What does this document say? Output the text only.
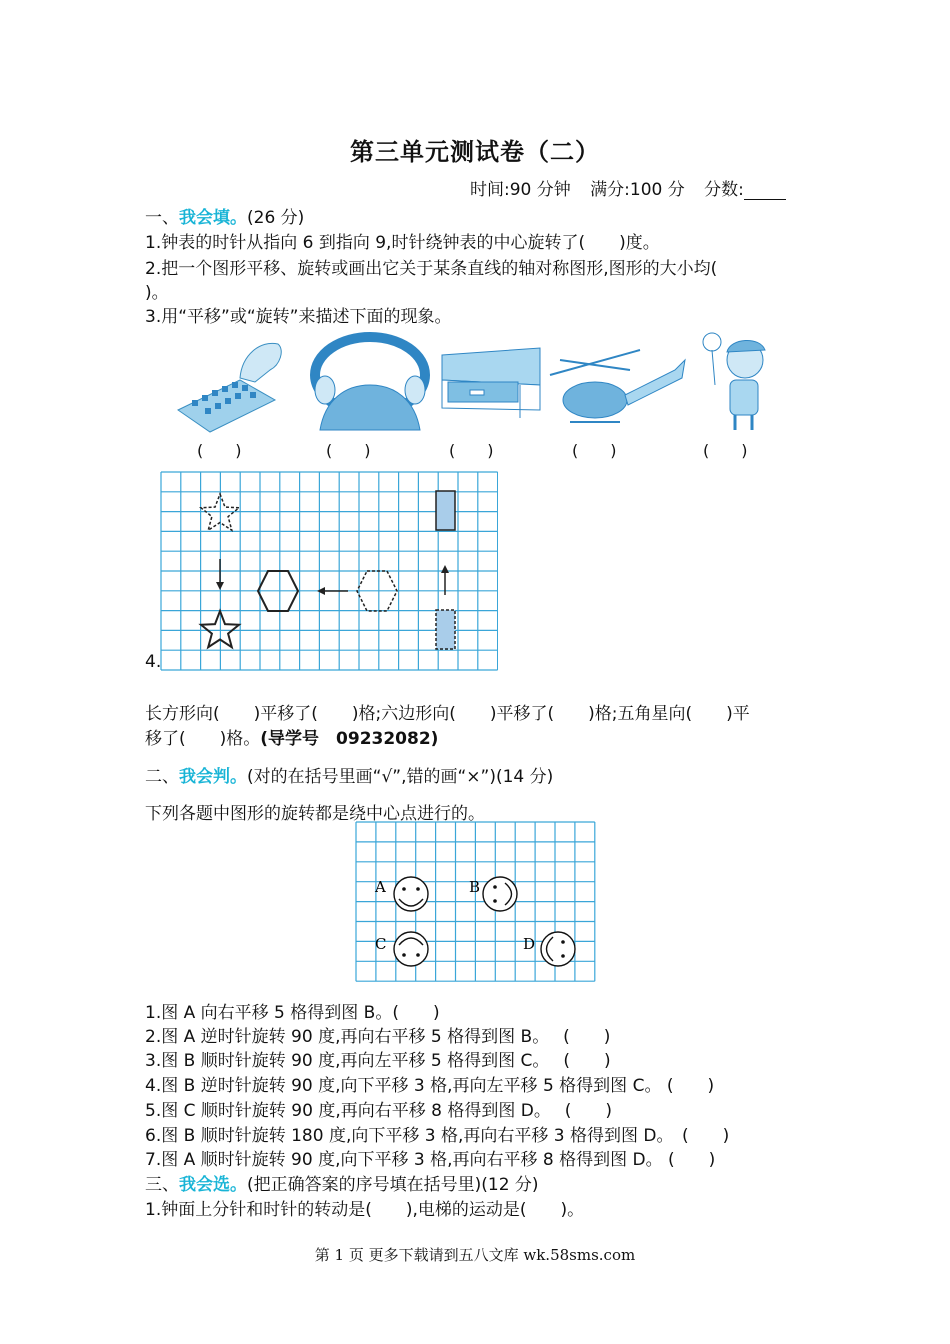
第三单元测试卷（二）
时间:90 分钟 满分:100 分 分数:
一、我会填。(26 分)
1.钟表的时针从指向 6 到指向 9,时针绕钟表的中心旋转了(　　)度。
2.把一个图形平移、旋转或画出它关于某条直线的轴对称图形,图形的大小均(
)。
3.用“平移”或“旋转”来描述下面的现象。
(　　)	(　　)	(　　)	(　　)	(　　)
4.
长方形向(　　)平移了(　　)格;六边形向(　　)平移了(　　)格;五角星向(　　)平
移了(　　)格。(导学号　09232082)
二、我会判。(对的在括号里画“√”,错的画“×”)(14 分)
下列各题中图形的旋转都是绕中心点进行的。
A	B
C	D
1.图 A 向右平移 5 格得到图 B。(　　)
2.图 A 逆时针旋转 90 度,再向右平移 5 格得到图 B。　 (　　)
3.图 B 顺时针旋转 90 度,再向左平移 5 格得到图 C。　 (　　)
4.图 B 逆时针旋转 90 度,向下平移 3 格,再向左平移 5 格得到图 C。 (　　)
5.图 C 顺时针旋转 90 度,再向右平移 8 格得到图 D。　 (　　)
6.图 B 顺时针旋转 180 度,向下平移 3 格,再向右平移 3 格得到图 D。　(　　)
7.图 A 顺时针旋转 90 度,向下平移 3 格,再向右平移 8 格得到图 D。 (　　)
三、我会选。(把正确答案的序号填在括号里)(12 分)
1.钟面上分针和时针的转动是(　　),电梯的运动是(　　)。
第 1 页 更多下载请到五八文库 wk.58sms.com
